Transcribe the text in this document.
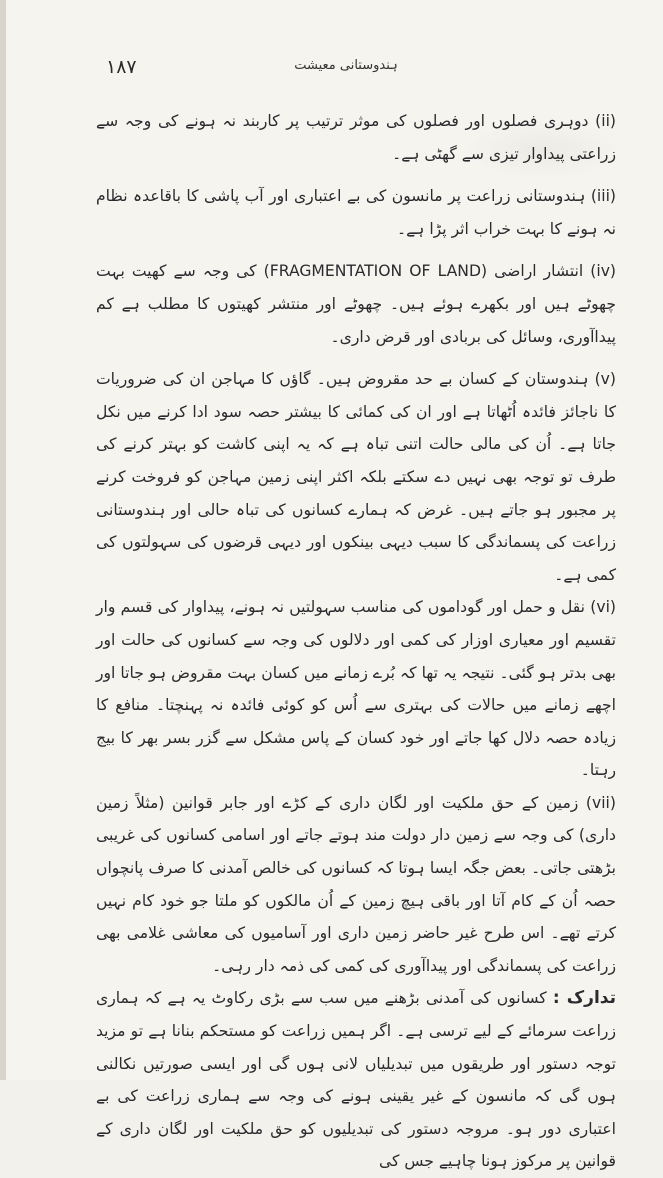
۱۸۷	ہندوستانی معیشت

(ii) دوہری فصلوں اور فصلوں کی موثر ترتیب پر کاربند نہ ہونے کی وجہ سے زراعتی پیداوار تیزی سے گھٹی ہے۔

(iii) ہندوستانی زراعت پر مانسون کی بے اعتباری اور آب پاشی کا باقاعدہ نظام نہ ہونے کا بہت خراب اثر پڑا ہے۔

(iv) انتشار اراضی (FRAGMENTATION OF LAND) کی وجہ سے کھیت بہت چھوٹے ہیں اور بکھرے ہوئے ہیں۔ چھوٹے اور منتشر کھیتوں کا مطلب ہے کم پیداآوری، وسائل کی بربادی اور قرض داری۔

(v) ہندوستان کے کسان بے حد مقروض ہیں۔ گاؤں کا مہاجن ان کی ضروریات کا ناجائز فائدہ اُٹھاتا ہے اور ان کی کمائی کا بیشتر حصہ سود ادا کرنے میں نکل جاتا ہے۔ اُن کی مالی حالت اتنی تباہ ہے کہ یہ اپنی کاشت کو بہتر کرنے کی طرف تو توجہ بھی نہیں دے سکتے بلکہ اکثر اپنی زمین مہاجن کو فروخت کرنے پر مجبور ہو جاتے ہیں۔ غرض کہ ہمارے کسانوں کی تباہ حالی اور ہندوستانی زراعت کی پسماندگی کا سبب دیہی بینکوں اور دیہی قرضوں کی سہولتوں کی کمی ہے۔

(vi) نقل و حمل اور گوداموں کی مناسب سہولتیں نہ ہونے، پیداوار کی قسم وار تقسیم اور معیاری اوزار کی کمی اور دلالوں کی وجہ سے کسانوں کی حالت اور بھی بدتر ہو گئی۔ نتیجہ یہ تھا کہ بُرے زمانے میں کسان بہت مقروض ہو جاتا اور اچھے زمانے میں حالات کی بہتری سے اُس کو کوئی فائدہ نہ پہنچتا۔ منافع کا زیادہ حصہ دلال کھا جاتے اور خود کسان کے پاس مشکل سے گزر بسر بھر کا بیج رہتا۔

(vii) زمین کے حق ملکیت اور لگان داری کے کڑے اور جابر قوانین (مثلاً زمین داری) کی وجہ سے زمین دار دولت مند ہوتے جاتے اور اسامی کسانوں کی غریبی بڑھتی جاتی۔ بعض جگہ ایسا ہوتا کہ کسانوں کی خالص آمدنی کا صرف پانچواں حصہ اُن کے کام آتا اور باقی ہیچ زمین کے اُن مالکوں کو ملتا جو خود کام نہیں کرتے تھے۔ اس طرح غیر حاضر زمین داری اور آسامیوں کی معاشی غلامی بھی زراعت کی پسماندگی اور پیداآوری کی کمی کی ذمہ دار رہی۔

تدارک : کسانوں کی آمدنی بڑھنے میں سب سے بڑی رکاوٹ یہ ہے کہ ہماری زراعت سرمائے کے لیے ترسی ہے۔ اگر ہمیں زراعت کو مستحکم بنانا ہے تو مزید توجہ دستور اور طریقوں میں تبدیلیاں لانی ہوں گی اور ایسی صورتیں نکالنی ہوں گی کہ مانسون کے غیر یقینی ہونے کی وجہ سے ہماری زراعت کی بے اعتباری دور ہو۔ مروجہ دستور کی تبدیلیوں کو حق ملکیت اور لگان داری کے قوانین پر مرکوز ہونا چاہیے جس کی
